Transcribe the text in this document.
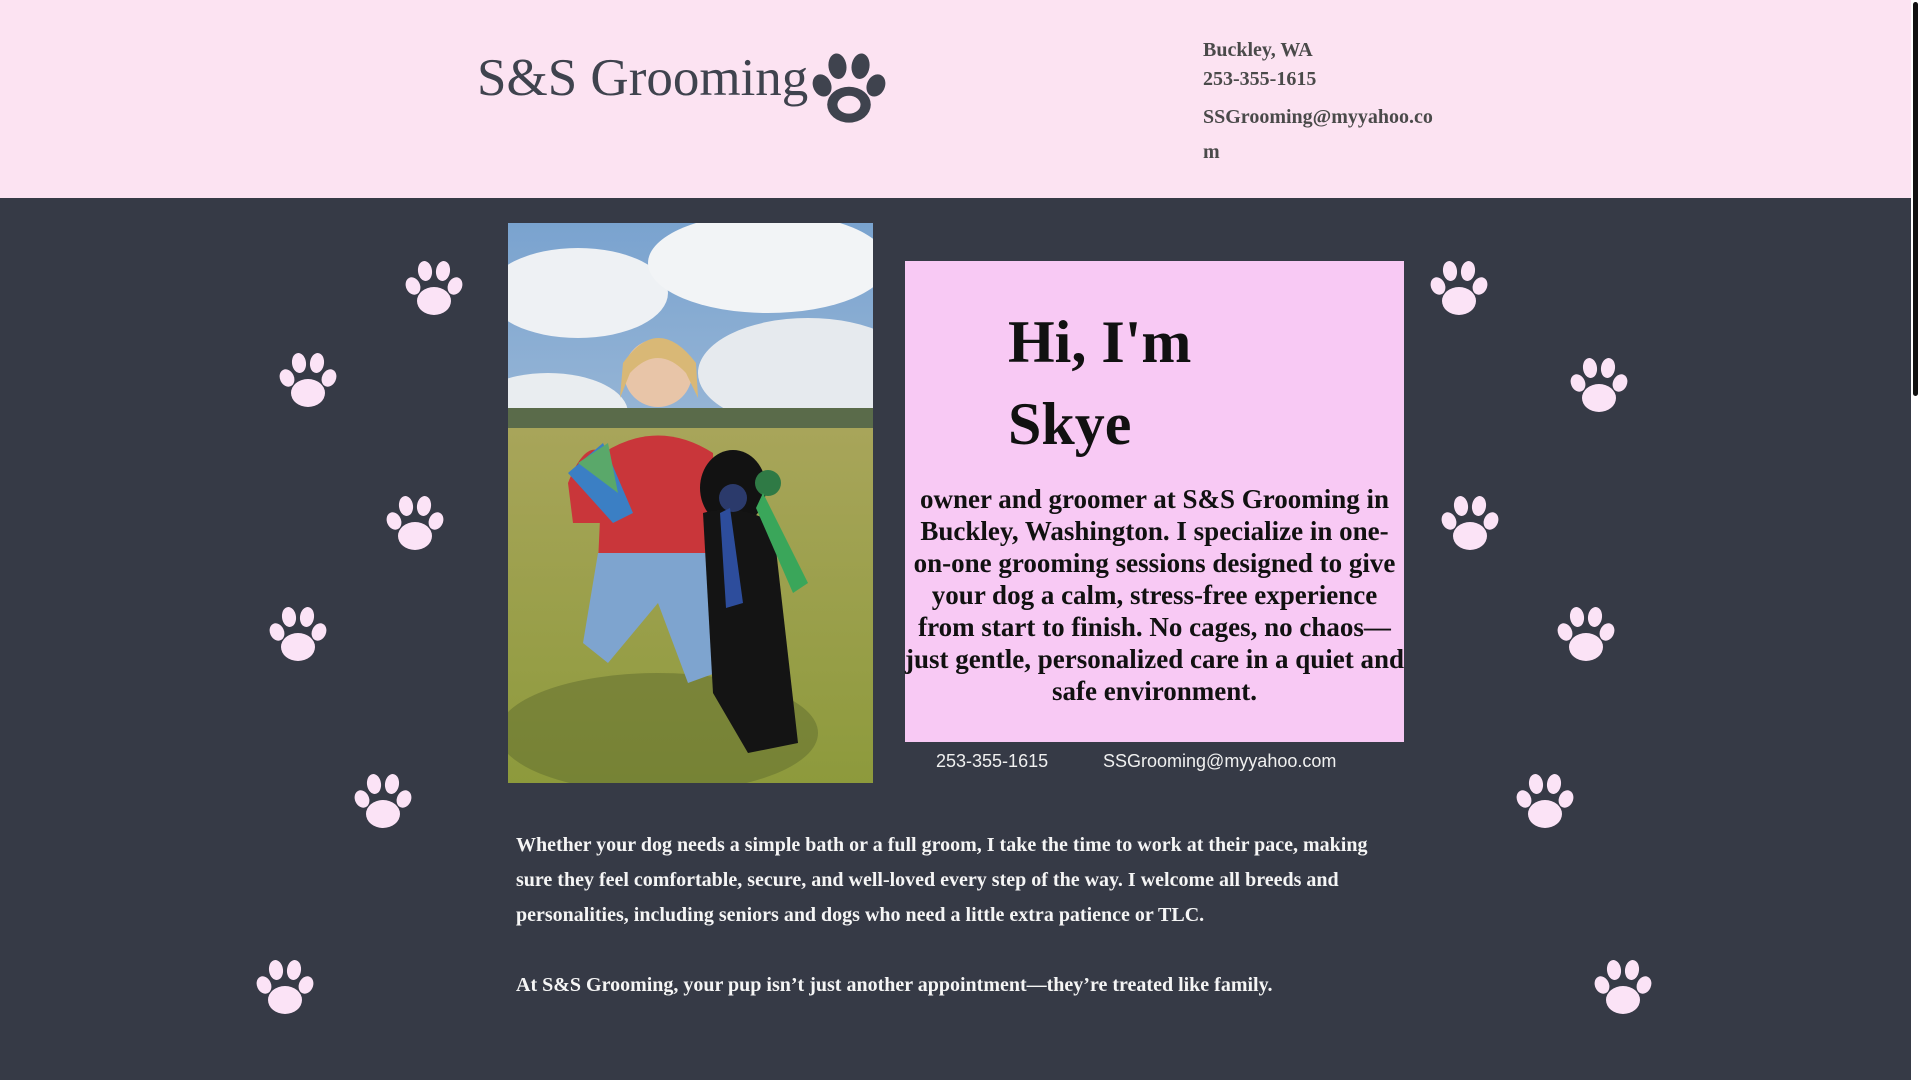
S&S Grooming	Buckley, WA
253-355-1615
SSGrooming@myyahoo.com
Hi, I'm Skye
owner and groomer at S&S Grooming in Buckley, Washington. I specialize in one-on-one grooming sessions designed to give your dog a calm, stress-free experience from start to finish. No cages, no chaos—just gentle, personalized care in a quiet and safe environment.
253-355-1615	SSGrooming@myyahoo.com
Whether your dog needs a simple bath or a full groom, I take the time to work at their pace, making sure they feel comfortable, secure, and well-loved every step of the way. I welcome all breeds and personalities, including seniors and dogs who need a little extra patience or TLC.
At S&S Grooming, your pup isn’t just another appointment—they’re treated like family.
